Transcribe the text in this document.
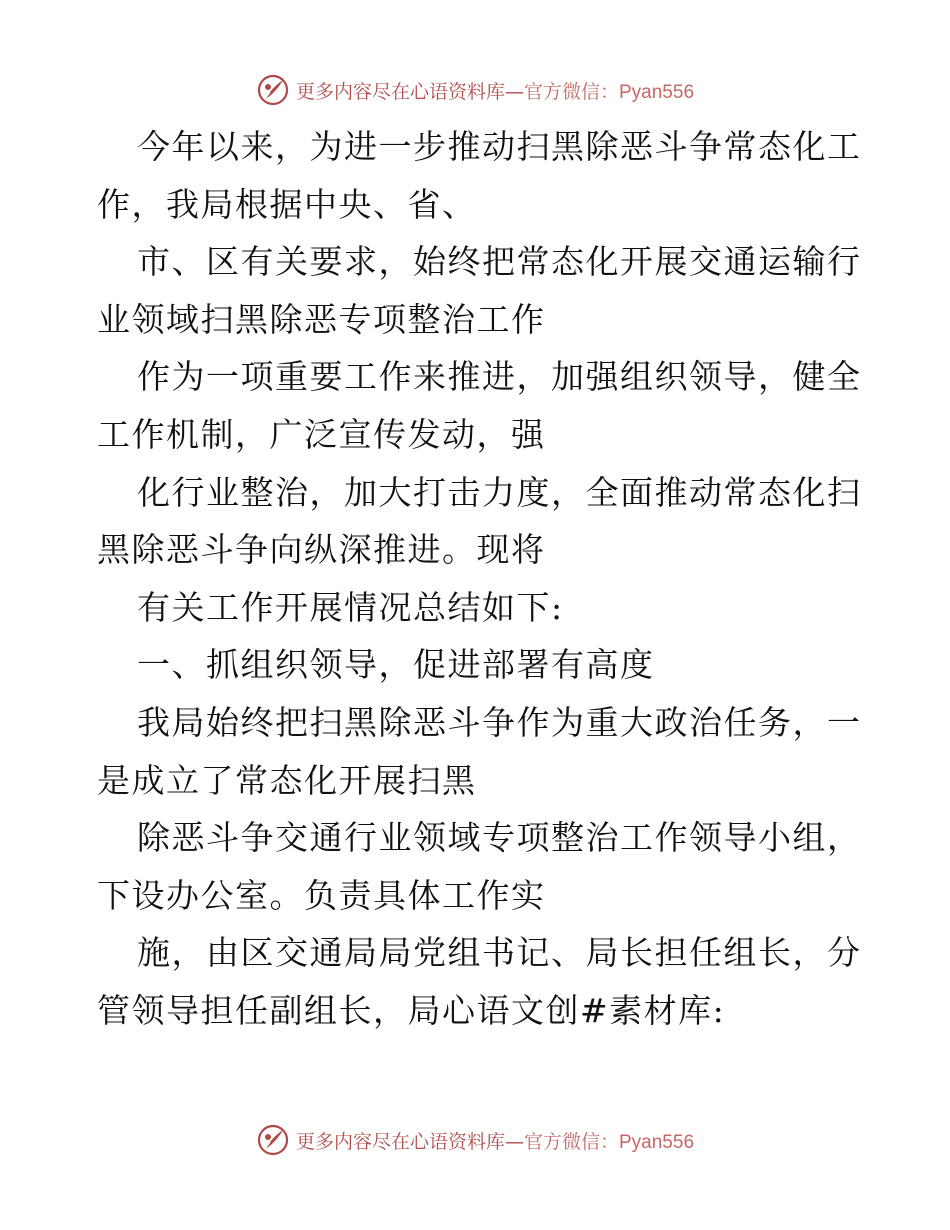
更多内容尽在心语资料库—官方微信：Pyan556
今年以来，为进一步推动扫黑除恶斗争常态化工
作，我局根据中央、省、
市、区有关要求，始终把常态化开展交通运输行
业领域扫黑除恶专项整治工作
作为一项重要工作来推进，加强组织领导，健全
工作机制，广泛宣传发动，强
化行业整治，加大打击力度，全面推动常态化扫
黑除恶斗争向纵深推进。现将
有关工作开展情况总结如下:
一、抓组织领导，促进部署有高度
我局始终把扫黑除恶斗争作为重大政治任务，一
是成立了常态化开展扫黑
除恶斗争交通行业领域专项整治工作领导小组，
下设办公室。负责具体工作实
施，由区交通局局党组书记、局长担任组长，分
管领导担任副组长，局心语文创#素材库:
更多内容尽在心语资料库—官方微信：Pyan556
